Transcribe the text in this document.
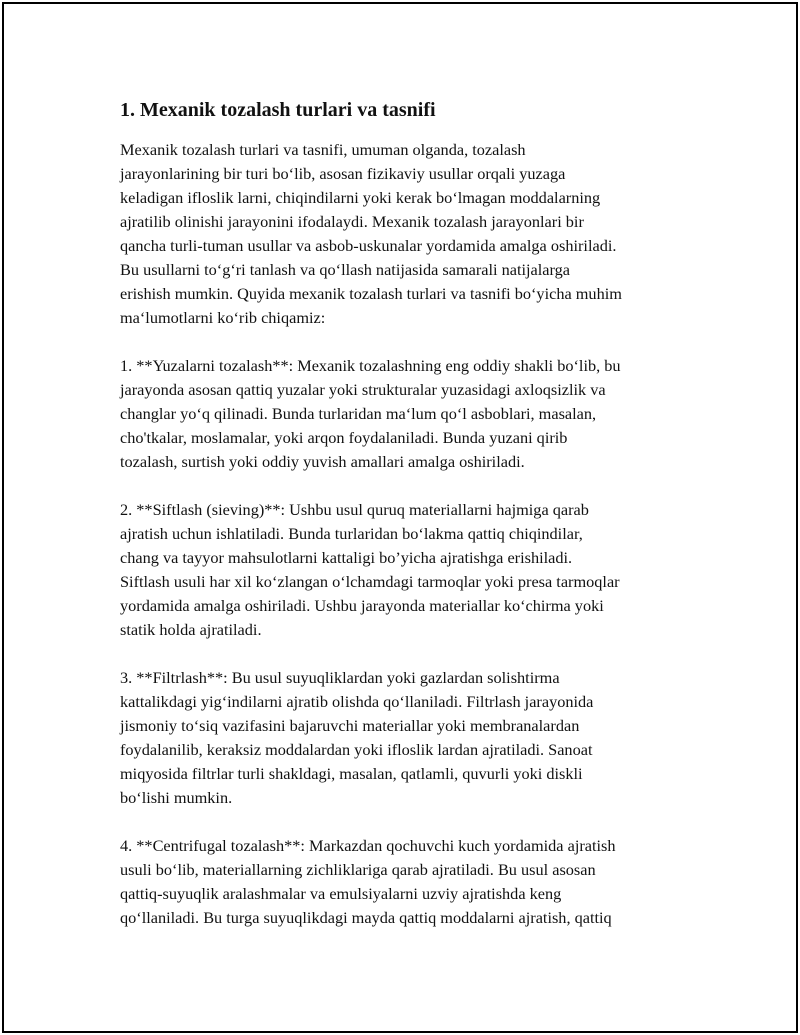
1. Mexanik tozalash turlari va tasnifi
Mexanik tozalash turlari va tasnifi, umuman olganda, tozalash
jarayonlarining bir turi bo‘lib, asosan fizikaviy usullar orqali yuzaga
keladigan ifloslik larni, chiqindilarni yoki kerak bo‘lmagan moddalarning
ajratilib olinishi jarayonini ifodalaydi. Mexanik tozalash jarayonlari bir
qancha turli-tuman usullar va asbob-uskunalar yordamida amalga oshiriladi.
Bu usullarni to‘g‘ri tanlash va qo‘llash natijasida samarali natijalarga
erishish mumkin. Quyida mexanik tozalash turlari va tasnifi bo‘yicha muhim
ma‘lumotlarni ko‘rib chiqamiz:
1. **Yuzalarni tozalash**: Mexanik tozalashning eng oddiy shakli bo‘lib, bu
jarayonda asosan qattiq yuzalar yoki strukturalar yuzasidagi axloqsizlik va
changlar yo‘q qilinadi. Bunda turlaridan ma‘lum qo‘l asboblari, masalan,
cho'tkalar, moslamalar, yoki arqon foydalaniladi. Bunda yuzani qirib
tozalash, surtish yoki oddiy yuvish amallari amalga oshiriladi.
2. **Siftlash (sieving)**: Ushbu usul quruq materiallarni hajmiga qarab
ajratish uchun ishlatiladi. Bunda turlaridan bo‘lakma qattiq chiqindilar,
chang va tayyor mahsulotlarni kattaligi bo’yicha ajratishga erishiladi.
Siftlash usuli har xil ko‘zlangan o‘lchamdagi tarmoqlar yoki presa tarmoqlar
yordamida amalga oshiriladi. Ushbu jarayonda materiallar ko‘chirma yoki
statik holda ajratiladi.
3. **Filtrlash**: Bu usul suyuqliklardan yoki gazlardan solishtirma
kattalikdagi yig‘indilarni ajratib olishda qo‘llaniladi. Filtrlash jarayonida
jismoniy to‘siq vazifasini bajaruvchi materiallar yoki membranalardan
foydalanilib, keraksiz moddalardan yoki ifloslik lardan ajratiladi. Sanoat
miqyosida filtrlar turli shakldagi, masalan, qatlamli, quvurli yoki diskli
bo‘lishi mumkin.
4. **Centrifugal tozalash**: Markazdan qochuvchi kuch yordamida ajratish
usuli bo‘lib, materiallarning zichliklariga qarab ajratiladi. Bu usul asosan
qattiq-suyuqlik aralashmalar va emulsiyalarni uzviy ajratishda keng
qo‘llaniladi. Bu turga suyuqlikdagi mayda qattiq moddalarni ajratish, qattiq
